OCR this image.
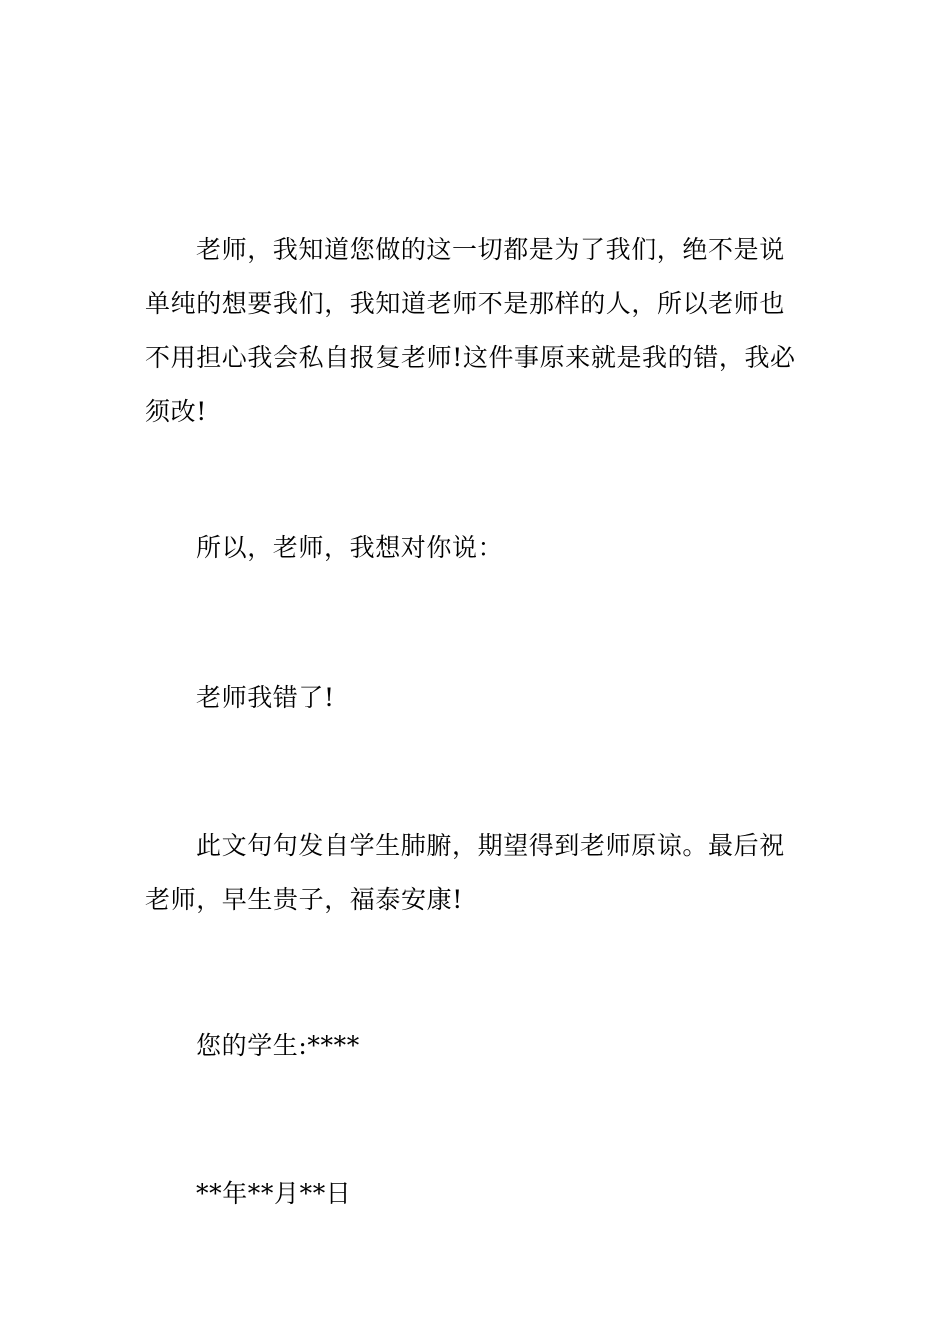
老师，我知道您做的这一切都是为了我们，绝不是说单纯的想要我们，我知道老师不是那样的人，所以老师也不用担心我会私自报复老师!这件事原来就是我的错，我必须改!

所以，老师，我想对你说：

老师我错了!

此文句句发自学生肺腑，期望得到老师原谅。最后祝老师，早生贵子，福泰安康!

您的学生:****

**年**月**日
